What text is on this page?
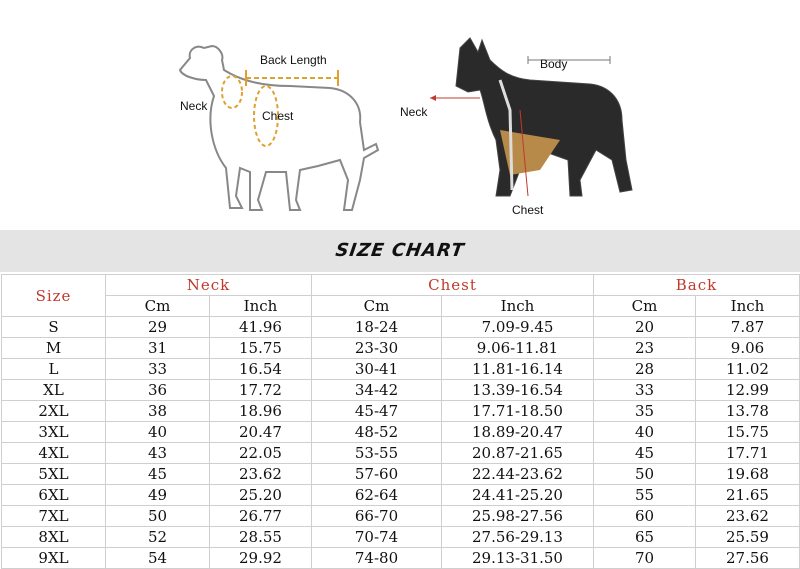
Back Length
Neck
Chest
Body
Neck
Chest
SIZE CHART
Size	Neck		Chest		Back	
	Cm	Inch	Cm	Inch	Cm	Inch
S	29	41.96	18-24	7.09-9.45	20	7.87
M	31	15.75	23-30	9.06-11.81	23	9.06
L	33	16.54	30-41	11.81-16.14	28	11.02
XL	36	17.72	34-42	13.39-16.54	33	12.99
2XL	38	18.96	45-47	17.71-18.50	35	13.78
3XL	40	20.47	48-52	18.89-20.47	40	15.75
4XL	43	22.05	53-55	20.87-21.65	45	17.71
5XL	45	23.62	57-60	22.44-23.62	50	19.68
6XL	49	25.20	62-64	24.41-25.20	55	21.65
7XL	50	26.77	66-70	25.98-27.56	60	23.62
8XL	52	28.55	70-74	27.56-29.13	65	25.59
9XL	54	29.92	74-80	29.13-31.50	70	27.56
